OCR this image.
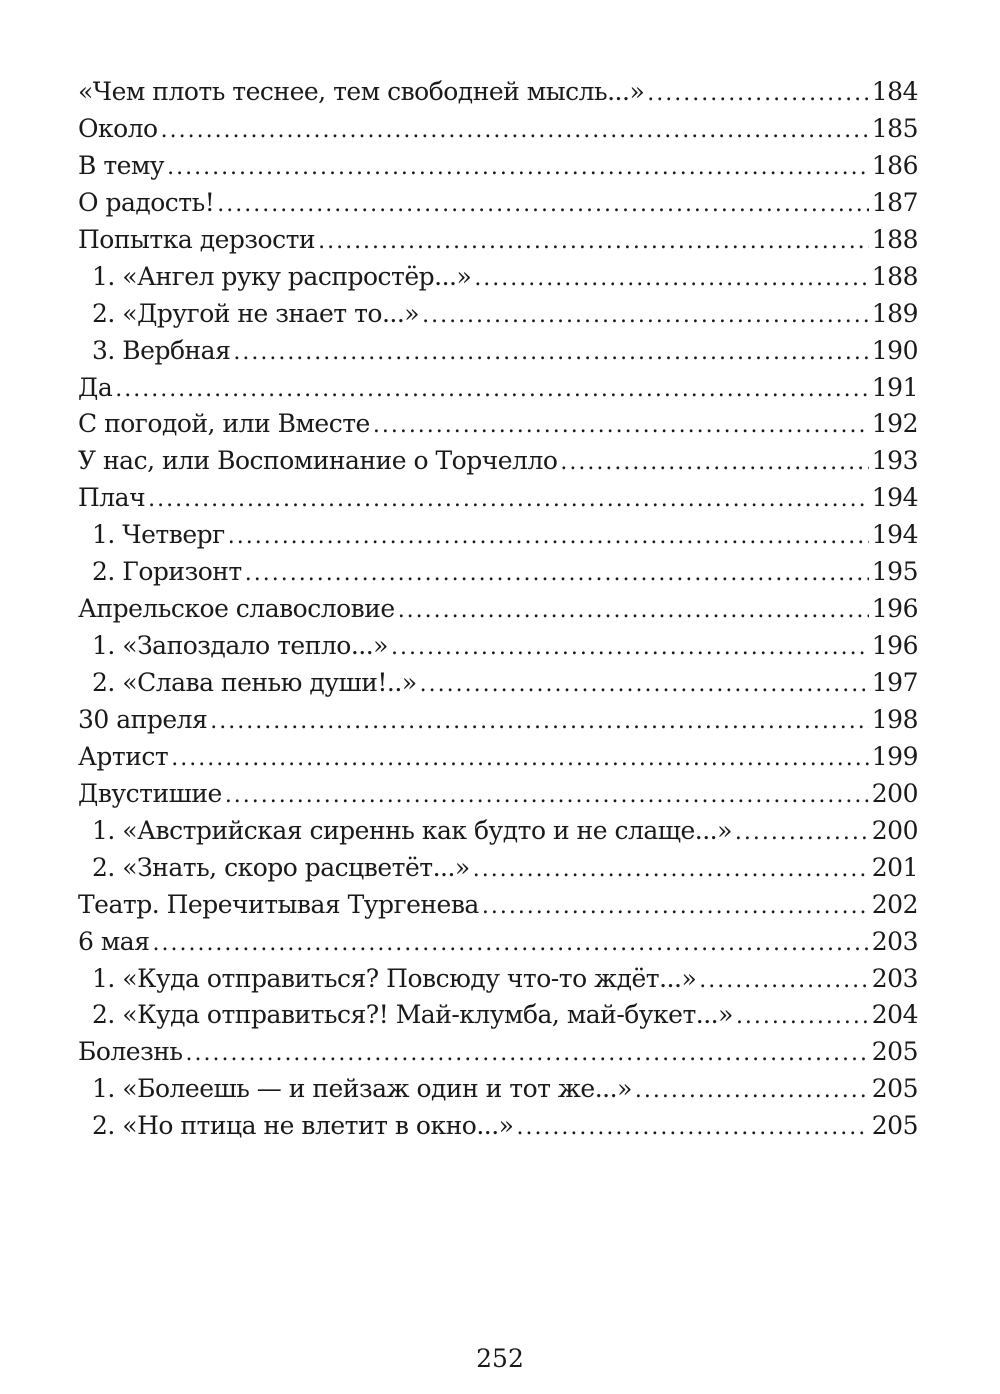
«Чем плоть теснее, тем свободней мысль...» .....	184
Около .....	185
В тему .....	186
О радость! .....	187
Попытка дерзости .....	188
1. «Ангел руку распростёр...» .....	188
2. «Другой не знает то...» .....	189
3. Вербная .....	190
Да .....	191
С погодой, или Вместе .....	192
У нас, или Воспоминание о Торчелло .....	193
Плач .....	194
1. Четверг .....	194
2. Горизонт .....	195
Апрельское славословие .....	196
1. «Запоздало тепло...» .....	196
2. «Слава пенью души!..» .....	197
30 апреля .....	198
Артист .....	199
Двустишие .....	200
1. «Австрийская сиреннь как будто и не слаще...» .....	200
2. «Знать, скоро расцветёт...» .....	201
Театр. Перечитывая Тургенева .....	202
6 мая .....	203
1. «Куда отправиться? Повсюду что-то ждёт...» .....	203
2. «Куда отправиться?! Май-клумба, май-букет...» .....	204
Болезнь .....	205
1. «Болеешь — и пейзаж один и тот же...» .....	205
2. «Но птица не влетит в окно...» .....	205
252
